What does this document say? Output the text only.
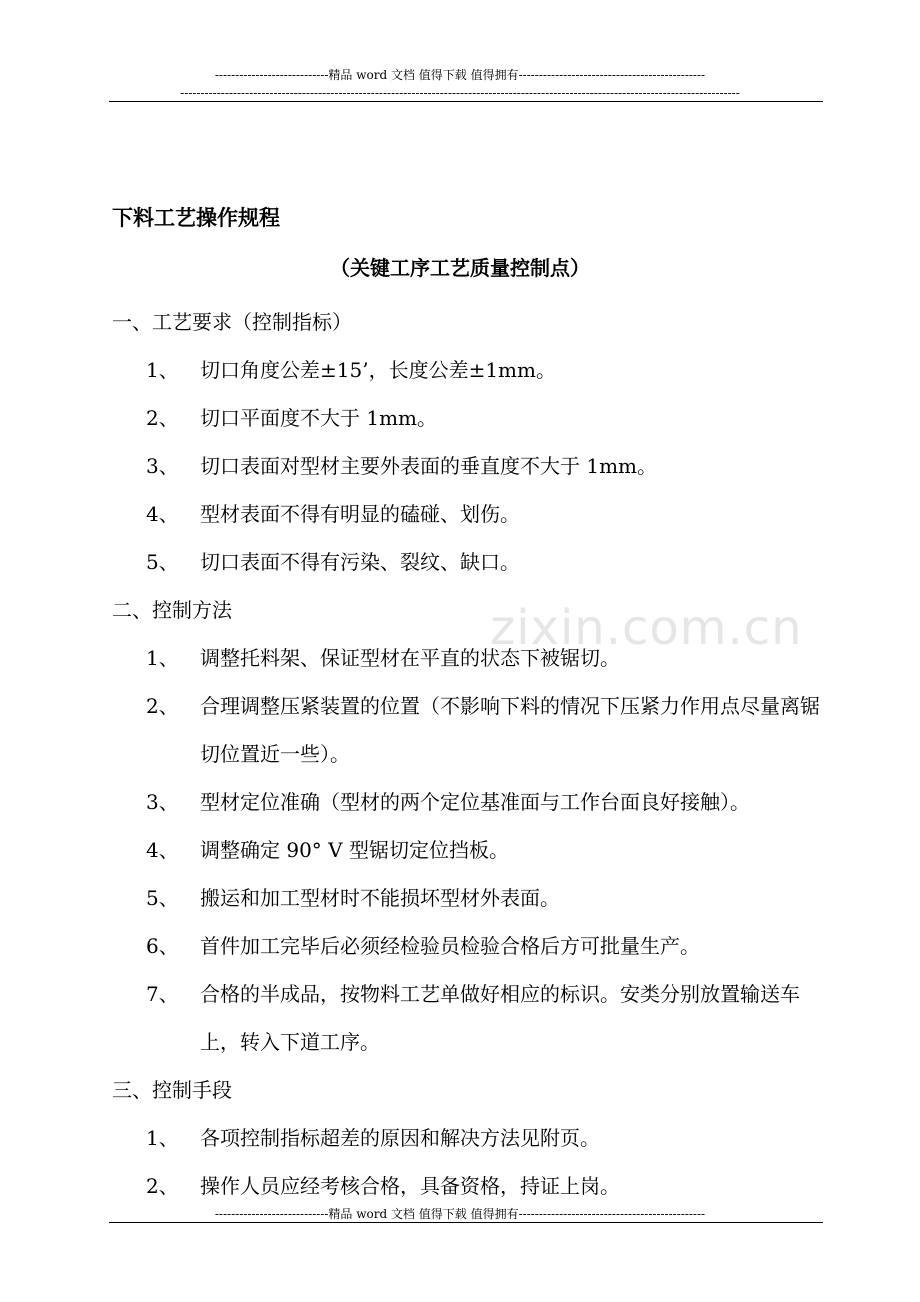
----------------------------精品 word 文档 值得下载 值得拥有----------------------------------------------
------------------------------------------------------------------------------------------------------------------------------------------
zixin.com.cn
下料工艺操作规程
（关键工序工艺质量控制点）
一、工艺要求（控制指标）
1、	切口角度公差±15’，长度公差±1mm。
2、	切口平面度不大于 1mm。
3、	切口表面对型材主要外表面的垂直度不大于 1mm。
4、	型材表面不得有明显的磕碰、划伤。
5、	切口表面不得有污染、裂纹、缺口。
二、控制方法
1、	调整托料架、保证型材在平直的状态下被锯切。
2、	合理调整压紧装置的位置（不影响下料的情况下压紧力作用点尽量离锯切位置近一些）。
3、	型材定位准确（型材的两个定位基准面与工作台面良好接触）。
4、	调整确定 90° V 型锯切定位挡板。
5、	搬运和加工型材时不能损坏型材外表面。
6、	首件加工完毕后必须经检验员检验合格后方可批量生产。
7、	合格的半成品，按物料工艺单做好相应的标识。安类分别放置输送车上，转入下道工序。
三、控制手段
1、	各项控制指标超差的原因和解决方法见附页。
2、	操作人员应经考核合格，具备资格，持证上岗。
----------------------------精品 word 文档 值得下载 值得拥有----------------------------------------------
